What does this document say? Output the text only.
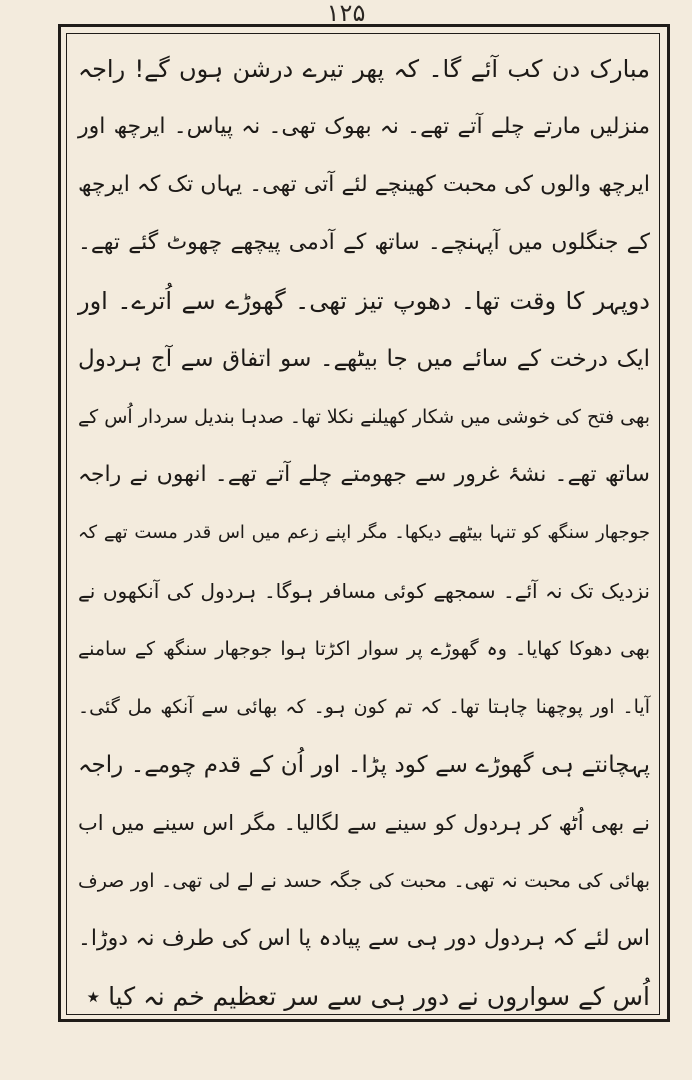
۱۲۵
مبارک دن کب آئے گا۔ کہ پھر تیرے درشن ہوں گے! راجہ
منزلیں مارتے چلے آتے تھے۔ نہ بھوک تھی۔ نہ پیاس۔ ایرچھ اور
ایرچھ والوں کی محبت کھینچے لئے آتی تھی۔ یہاں تک کہ ایرچھ
کے جنگلوں میں آپہنچے۔ ساتھ کے آدمی پیچھے چھوٹ گئے تھے۔
دوپہر کا وقت تھا۔ دھوپ تیز تھی۔ گھوڑے سے اُترے۔ اور
ایک درخت کے سائے میں جا بیٹھے۔ سو اتفاق سے آج ہردول
بھی فتح کی خوشی میں شکار کھیلنے نکلا تھا۔ صدہا بندیل سردار اُس کے
ساتھ تھے۔ نشۂ غرور سے جھومتے چلے آتے تھے۔ انھوں نے راجہ
جوجھار سنگھ کو تنہا بیٹھے دیکھا۔ مگر اپنے زعم میں اس قدر مست تھے کہ
نزدیک تک نہ آئے۔ سمجھے کوئی مسافر ہوگا۔ ہردول کی آنکھوں نے
بھی دھوکا کھایا۔ وہ گھوڑے پر سوار اکڑتا ہوا جوجھار سنگھ کے سامنے
آیا۔ اور پوچھنا چاہتا تھا۔ کہ تم کون ہو۔ کہ بھائی سے آنکھ مل گئی۔
پہچانتے ہی گھوڑے سے کود پڑا۔ اور اُن کے قدم چومے۔ راجہ
نے بھی اُٹھ کر ہردول کو سینے سے لگالیا۔ مگر اس سینے میں اب
بھائی کی محبت نہ تھی۔ محبت کی جگہ حسد نے لے لی تھی۔ اور صرف
اس لئے کہ ہردول دور ہی سے پیادہ پا اس کی طرف نہ دوڑا۔
اُس کے سواروں نے دور ہی سے سر تعظیم خم نہ کیا ٭
